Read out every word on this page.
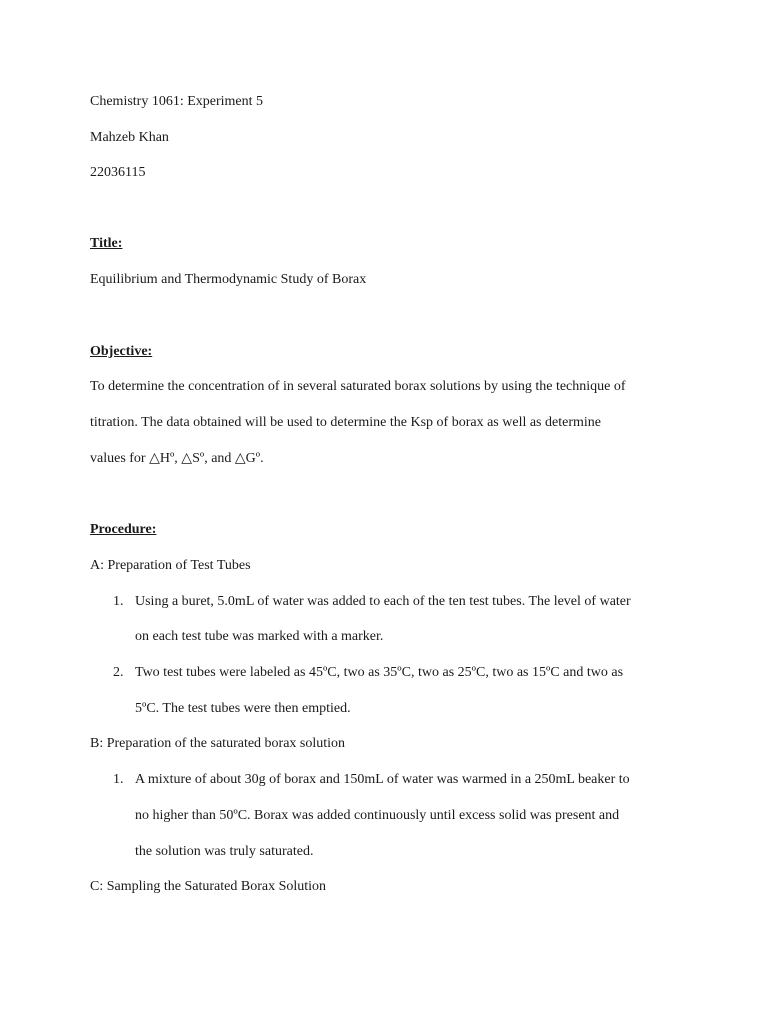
Chemistry 1061: Experiment 5
Mahzeb Khan
22036115
Title:
Equilibrium and Thermodynamic Study of Borax
Objective:
To determine the concentration of in several saturated borax solutions by using the technique of
titration. The data obtained will be used to determine the Ksp of borax as well as determine
values for △Hº, △Sº, and △Gº.
Procedure:
A: Preparation of Test Tubes
1. Using a buret, 5.0mL of water was added to each of the ten test tubes. The level of water
on each test tube was marked with a marker.
2. Two test tubes were labeled as 45ºC, two as 35ºC, two as 25ºC, two as 15ºC and two as
5ºC. The test tubes were then emptied.
B: Preparation of the saturated borax solution
1. A mixture of about 30g of borax and 150mL of water was warmed in a 250mL beaker to
no higher than 50ºC. Borax was added continuously until excess solid was present and
the solution was truly saturated.
C: Sampling the Saturated Borax Solution
